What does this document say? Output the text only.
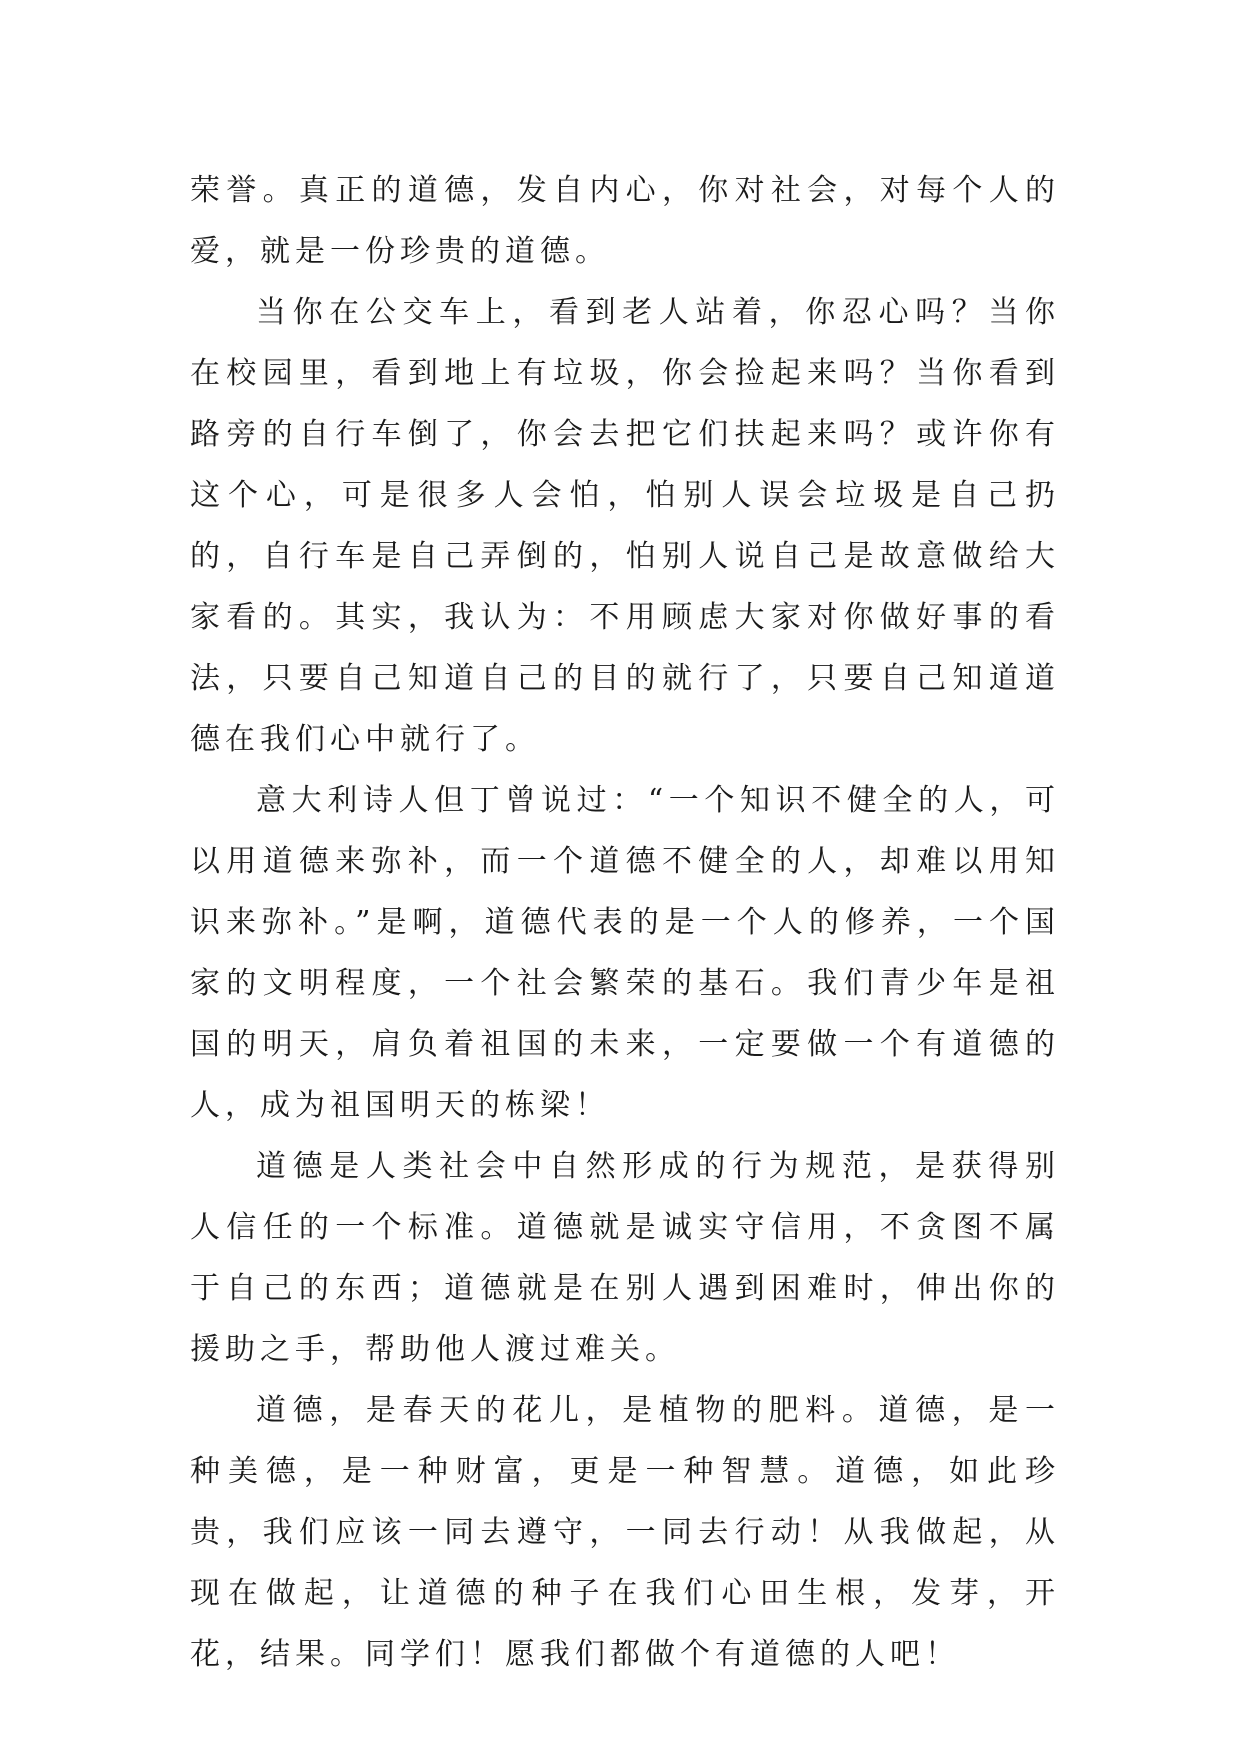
荣誉。真正的道德，发自内心，你对社会，对每个人的爱，就是一份珍贵的道德。

当你在公交车上，看到老人站着，你忍心吗？当你在校园里，看到地上有垃圾，你会捡起来吗？当你看到路旁的自行车倒了，你会去把它们扶起来吗？或许你有这个心，可是很多人会怕，怕别人误会垃圾是自己扔的，自行车是自己弄倒的，怕别人说自己是故意做给大家看的。其实，我认为：不用顾虑大家对你做好事的看法，只要自己知道自己的目的就行了，只要自己知道道德在我们心中就行了。

意大利诗人但丁曾说过：“一个知识不健全的人，可以用道德来弥补，而一个道德不健全的人，却难以用知识来弥补。”是啊，道德代表的是一个人的修养，一个国家的文明程度，一个社会繁荣的基石。我们青少年是祖国的明天，肩负着祖国的未来，一定要做一个有道德的人，成为祖国明天的栋梁！

道德是人类社会中自然形成的行为规范，是获得别人信任的一个标准。道德就是诚实守信用，不贪图不属于自己的东西；道德就是在别人遇到困难时，伸出你的援助之手，帮助他人渡过难关。

道德，是春天的花儿，是植物的肥料。道德，是一种美德，是一种财富，更是一种智慧。道德，如此珍贵，我们应该一同去遵守，一同去行动！从我做起，从现在做起，让道德的种子在我们心田生根，发芽，开花，结果。同学们！愿我们都做个有道德的人吧！
